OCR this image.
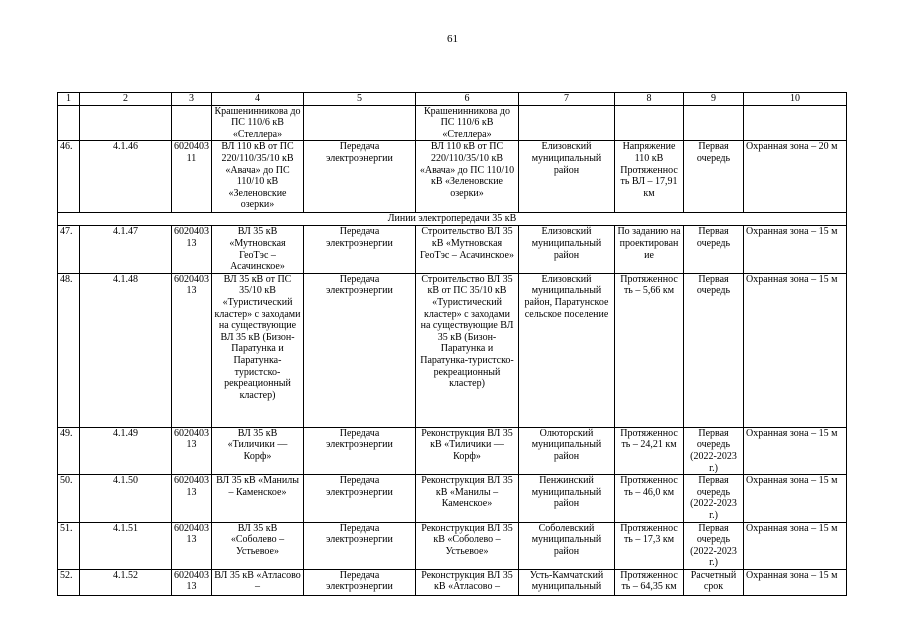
61
1	2	3	4	5	6	7	8	9	10
			Крашенинникова до ПС 110/6 кВ «Стеллера»		Крашенинникова до ПС 110/6 кВ «Стеллера»				
46.	4.1.46	6020403 11	ВЛ 110 кВ от ПС 220/110/35/10 кВ «Авача» до ПС 110/10 кВ «Зеленовские озерки»	Передача электроэнергии	ВЛ 110 кВ от ПС 220/110/35/10 кВ «Авача» до ПС 110/10 кВ «Зеленовские озерки»	Елизовский муниципальный район	Напряжение 110 кВ Протяженнос ть ВЛ – 17,91 км	Первая очередь	Охранная зона – 20 м
Линии электропередачи 35 кВ									
47.	4.1.47	6020403 13	ВЛ 35 кВ «Мутновская ГеоТэс – Асачинское»	Передача электроэнергии	Строительство ВЛ 35 кВ «Мутновская ГеоТэс – Асачинское»	Елизовский муниципальный район	По заданию на проектирован ие	Первая очередь	Охранная зона – 15 м
48.	4.1.48	6020403 13	ВЛ 35 кВ от ПС 35/10 кВ «Туристический кластер» с заходами на существующие ВЛ 35 кВ (Бизон-Паратунка и Паратунка-туристско-рекреационный кластер)	Передача электроэнергии	Строительство ВЛ 35 кВ от ПС 35/10 кВ «Туристический кластер» с заходами на существующие ВЛ 35 кВ (Бизон-Паратунка и Паратунка-туристско-рекреационный кластер)	Елизовский муниципальный район, Паратунское сельское поселение	Протяженнос ть – 5,66 км	Первая очередь	Охранная зона – 15 м
49.	4.1.49	6020403 13	ВЛ 35 кВ «Тиличики — Корф»	Передача электроэнергии	Реконструкция ВЛ 35 кВ «Тиличики — Корф»	Олюторский муниципальный район	Протяженнос ть – 24,21 км	Первая очередь (2022-2023 г.)	Охранная зона – 15 м
50.	4.1.50	6020403 13	ВЛ 35 кВ «Манилы – Каменское»	Передача электроэнергии	Реконструкция ВЛ 35 кВ «Манилы – Каменское»	Пенжинский муниципальный район	Протяженнос ть – 46,0 км	Первая очередь (2022-2023 г.)	Охранная зона – 15 м
51.	4.1.51	6020403 13	ВЛ 35 кВ «Соболево – Устьевое»	Передача электроэнергии	Реконструкция ВЛ 35 кВ «Соболево – Устьевое»	Соболевский муниципальный район	Протяженнос ть – 17,3 км	Первая очередь (2022-2023 г.)	Охранная зона – 15 м
52.	4.1.52	6020403 13	ВЛ 35 кВ «Атласово –	Передача электроэнергии	Реконструкция ВЛ 35 кВ «Атласово –	Усть-Камчатский муниципальный	Протяженнос ть – 64,35 км	Расчетный срок	Охранная зона – 15 м
